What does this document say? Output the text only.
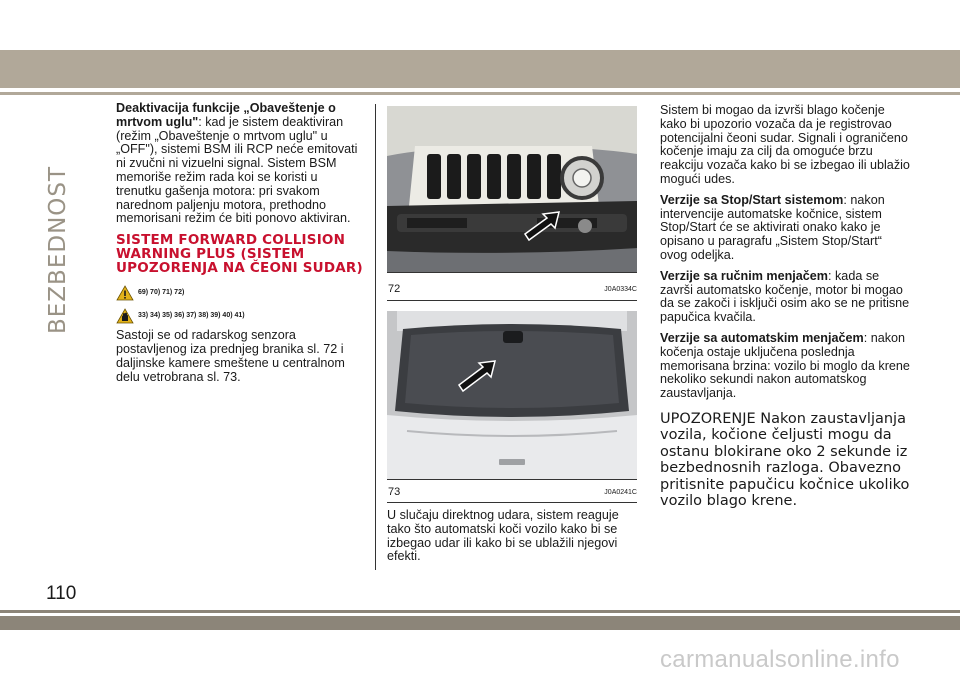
BEZBEDNOST

Deaktivacija funkcije „Obaveštenje o mrtvom uglu": kad je sistem deaktiviran (režim „Obaveštenje o mrtvom uglu" u „OFF"), sistemi BSM ili RCP neće emitovati ni zvučni ni vizuelni signal. Sistem BSM memoriše režim rada koi se koristi u trenutku gašenja motora: pri svakom narednom paljenju motora, prethodno memorisani režim će biti ponovo aktiviran.

SISTEM FORWARD COLLISION WARNING PLUS (SISTEM UPOZORENJA NA ČEONI SUDAR)
69) 70) 71) 72)
33) 34) 35) 36) 37) 38) 39) 40) 41)

Sastoji se od radarskog senzora postavljenog iza prednjeg branika sl. 72 i daljinske kamere smeštene u centralnom delu vetrobrana sl. 73.

72	J0A0334C
73	J0A0241C
U slučaju direktnog udara, sistem reaguje tako što automatski koči vozilo kako bi se izbegao udar ili kako bi se ublažili njegovi efekti.

Sistem bi mogao da izvrši blago kočenje kako bi upozorio vozača da je registrovao potencijalni čeoni sudar. Signali i ograničeno kočenje imaju za cilj da omoguće brzu reakciju vozača kako bi se izbegao ili ublažio mogući udes.

Verzije sa Stop/Start sistemom: nakon intervencije automatske kočnice, sistem Stop/Start će se aktivirati onako kako je opisano u paragrafu „Sistem Stop/Start“ ovog odeljka.

Verzije sa ručnim menjačem: kada se završi automatsko kočenje, motor bi mogao da se zakoči i isključi osim ako se ne pritisne papučica kvačila.

Verzije sa automatskim menjačem: nakon kočenja ostaje uključena poslednja memorisana brzina: vozilo bi moglo da krene nekoliko sekundi nakon automatskog zaustavljanja.

UPOZORENJE Nakon zaustavljanja vozila, kočione čeljusti mogu da ostanu blokirane oko 2 sekunde iz bezbednosnih razloga. Obavezno pritisnite papučicu kočnice ukoliko vozilo blago krene.
110
carmanualsonline.info
